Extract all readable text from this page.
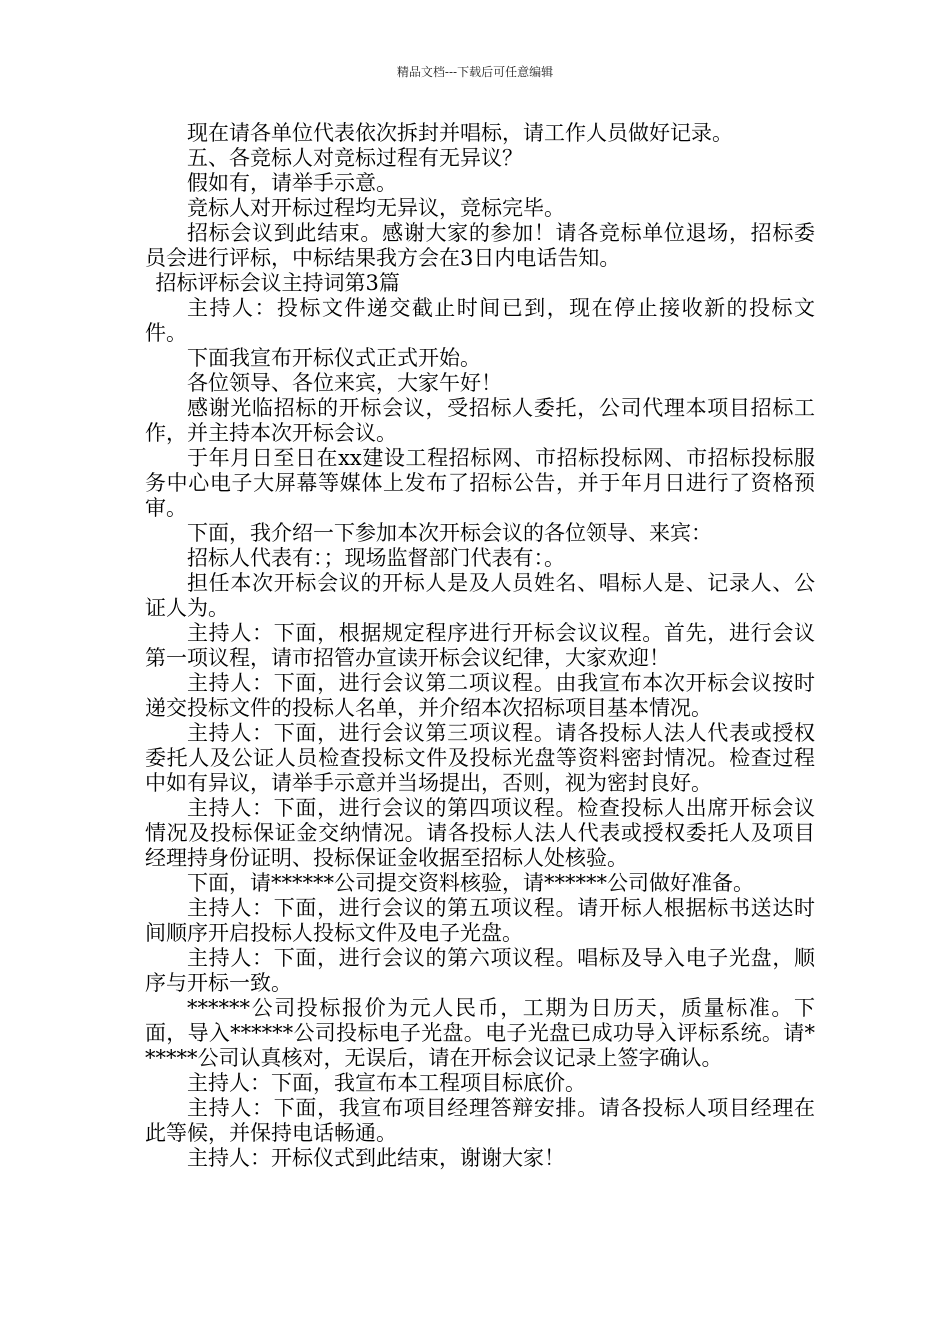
精品文档---下载后可任意编辑

现在请各单位代表依次拆封并唱标，请工作人员做好记录。

五、各竞标人对竞标过程有无异议？

假如有，请举手示意。

竞标人对开标过程均无异议，竞标完毕。

招标会议到此结束。感谢大家的参加！请各竞标单位退场，招标委员会进行评标，中标结果我方会在3日内电话告知。

招标评标会议主持词第3篇

主持人：投标文件递交截止时间已到，现在停止接收新的投标文件。

下面我宣布开标仪式正式开始。

各位领导、各位来宾，大家午好！

感谢光临招标的开标会议，受招标人委托，公司代理本项目招标工作，并主持本次开标会议。

于年月日至日在xx建设工程招标网、市招标投标网、市招标投标服务中心电子大屏幕等媒体上发布了招标公告，并于年月日进行了资格预审。

下面，我介绍一下参加本次开标会议的各位领导、来宾：

招标人代表有：；现场监督部门代表有：。

担任本次开标会议的开标人是及人员姓名、唱标人是、记录人、公证人为。

主持人：下面，根据规定程序进行开标会议议程。首先，进行会议第一项议程，请市招管办宣读开标会议纪律，大家欢迎！

主持人：下面，进行会议第二项议程。由我宣布本次开标会议按时递交投标文件的投标人名单，并介绍本次招标项目基本情况。

主持人：下面，进行会议第三项议程。请各投标人法人代表或授权委托人及公证人员检查投标文件及投标光盘等资料密封情况。检查过程中如有异议，请举手示意并当场提出，否则，视为密封良好。

主持人：下面，进行会议的第四项议程。检查投标人出席开标会议情况及投标保证金交纳情况。请各投标人法人代表或授权委托人及项目经理持身份证明、投标保证金收据至招标人处核验。

下面，请******公司提交资料核验，请******公司做好准备。

主持人：下面，进行会议的第五项议程。请开标人根据标书送达时间顺序开启投标人投标文件及电子光盘。

主持人：下面，进行会议的第六项议程。唱标及导入电子光盘，顺序与开标一致。

******公司投标报价为元人民币，工期为日历天，质量标准。下面，导入******公司投标电子光盘。电子光盘已成功导入评标系统。请******公司认真核对，无误后，请在开标会议记录上签字确认。

主持人：下面，我宣布本工程项目标底价。

主持人：下面，我宣布项目经理答辩安排。请各投标人项目经理在此等候，并保持电话畅通。

主持人：开标仪式到此结束，谢谢大家！
